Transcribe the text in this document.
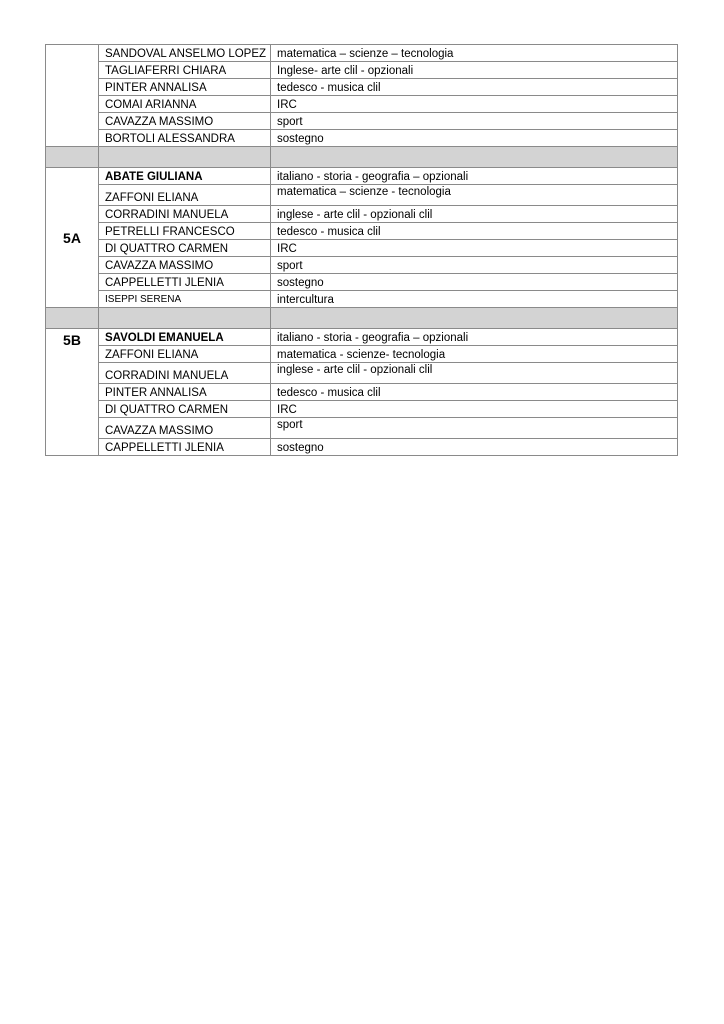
	SANDOVAL ANSELMO LOPEZ	matematica – scienze – tecnologia
	TAGLIAFERRI CHIARA	Inglese- arte clil - opzionali
	PINTER ANNALISA	tedesco - musica clil
	COMAI ARIANNA	IRC
	CAVAZZA MASSIMO	sport
	BORTOLI ALESSANDRA	sostegno

5A	ABATE GIULIANA	italiano - storia - geografia – opzionali
	ZAFFONI ELIANA	matematica – scienze - tecnologia
	CORRADINI MANUELA	inglese - arte clil - opzionali clil
	PETRELLI FRANCESCO	tedesco - musica clil
	DI QUATTRO CARMEN	IRC
	CAVAZZA MASSIMO	sport
	CAPPELLETTI JLENIA	sostegno
	ISEPPI SERENA	intercultura

5B	SAVOLDI EMANUELA	italiano - storia - geografia – opzionali
	ZAFFONI ELIANA	matematica - scienze- tecnologia
	CORRADINI MANUELA	inglese - arte clil - opzionali clil
	PINTER ANNALISA	tedesco - musica clil
	DI QUATTRO CARMEN	IRC
	CAVAZZA MASSIMO	sport
	CAPPELLETTI JLENIA	sostegno
